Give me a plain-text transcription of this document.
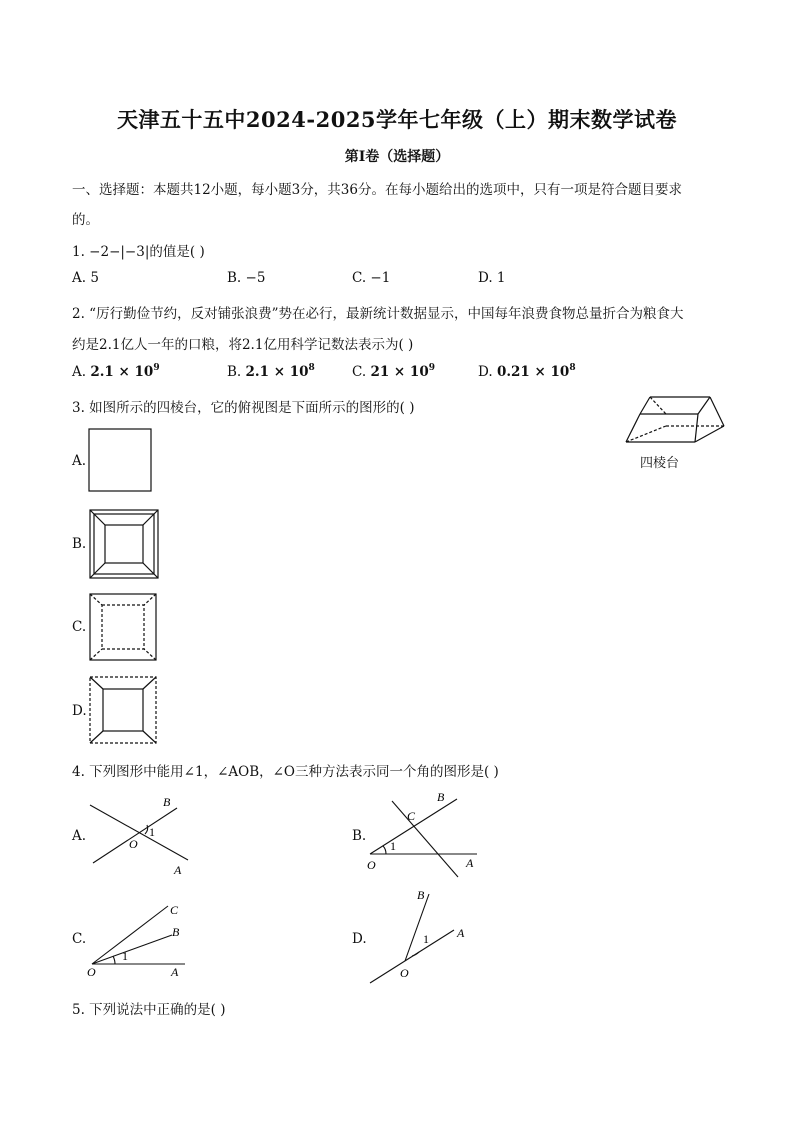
天津五十五中2024-2025学年七年级（上）期末数学试卷
第Ⅰ卷（选择题）
一、选择题：本题共12小题，每小题3分，共36分。在每小题给出的选项中，只有一项是符合题目要求
的。
1. −2−|−3|的值是( )
A. 5	B. −5	C. −1	D. 1
2. “厉行勤俭节约，反对铺张浪费”势在必行，最新统计数据显示，中国每年浪费食物总量折合为粮食大
约是2.1亿人一年的口粮，将2.1亿用科学记数法表示为( )
A. $2.1 \times 10^9$	B. $2.1 \times 10^8$	C. $21 \times 10^9$	D. $0.21 \times 10^8$
3. 如图所示的四棱台，它的俯视图是下面所示的图形的( )
四棱台
A.
B.
C.
D.
4. 下列图形中能用∠1，∠AOB，∠O三种方法表示同一个角的图形是( )
A.
B
O
1
A
B.
B
C
1
O	A
C.
C
B
1
O	A
D.
B
1 A
O
5. 下列说法中正确的是( )
